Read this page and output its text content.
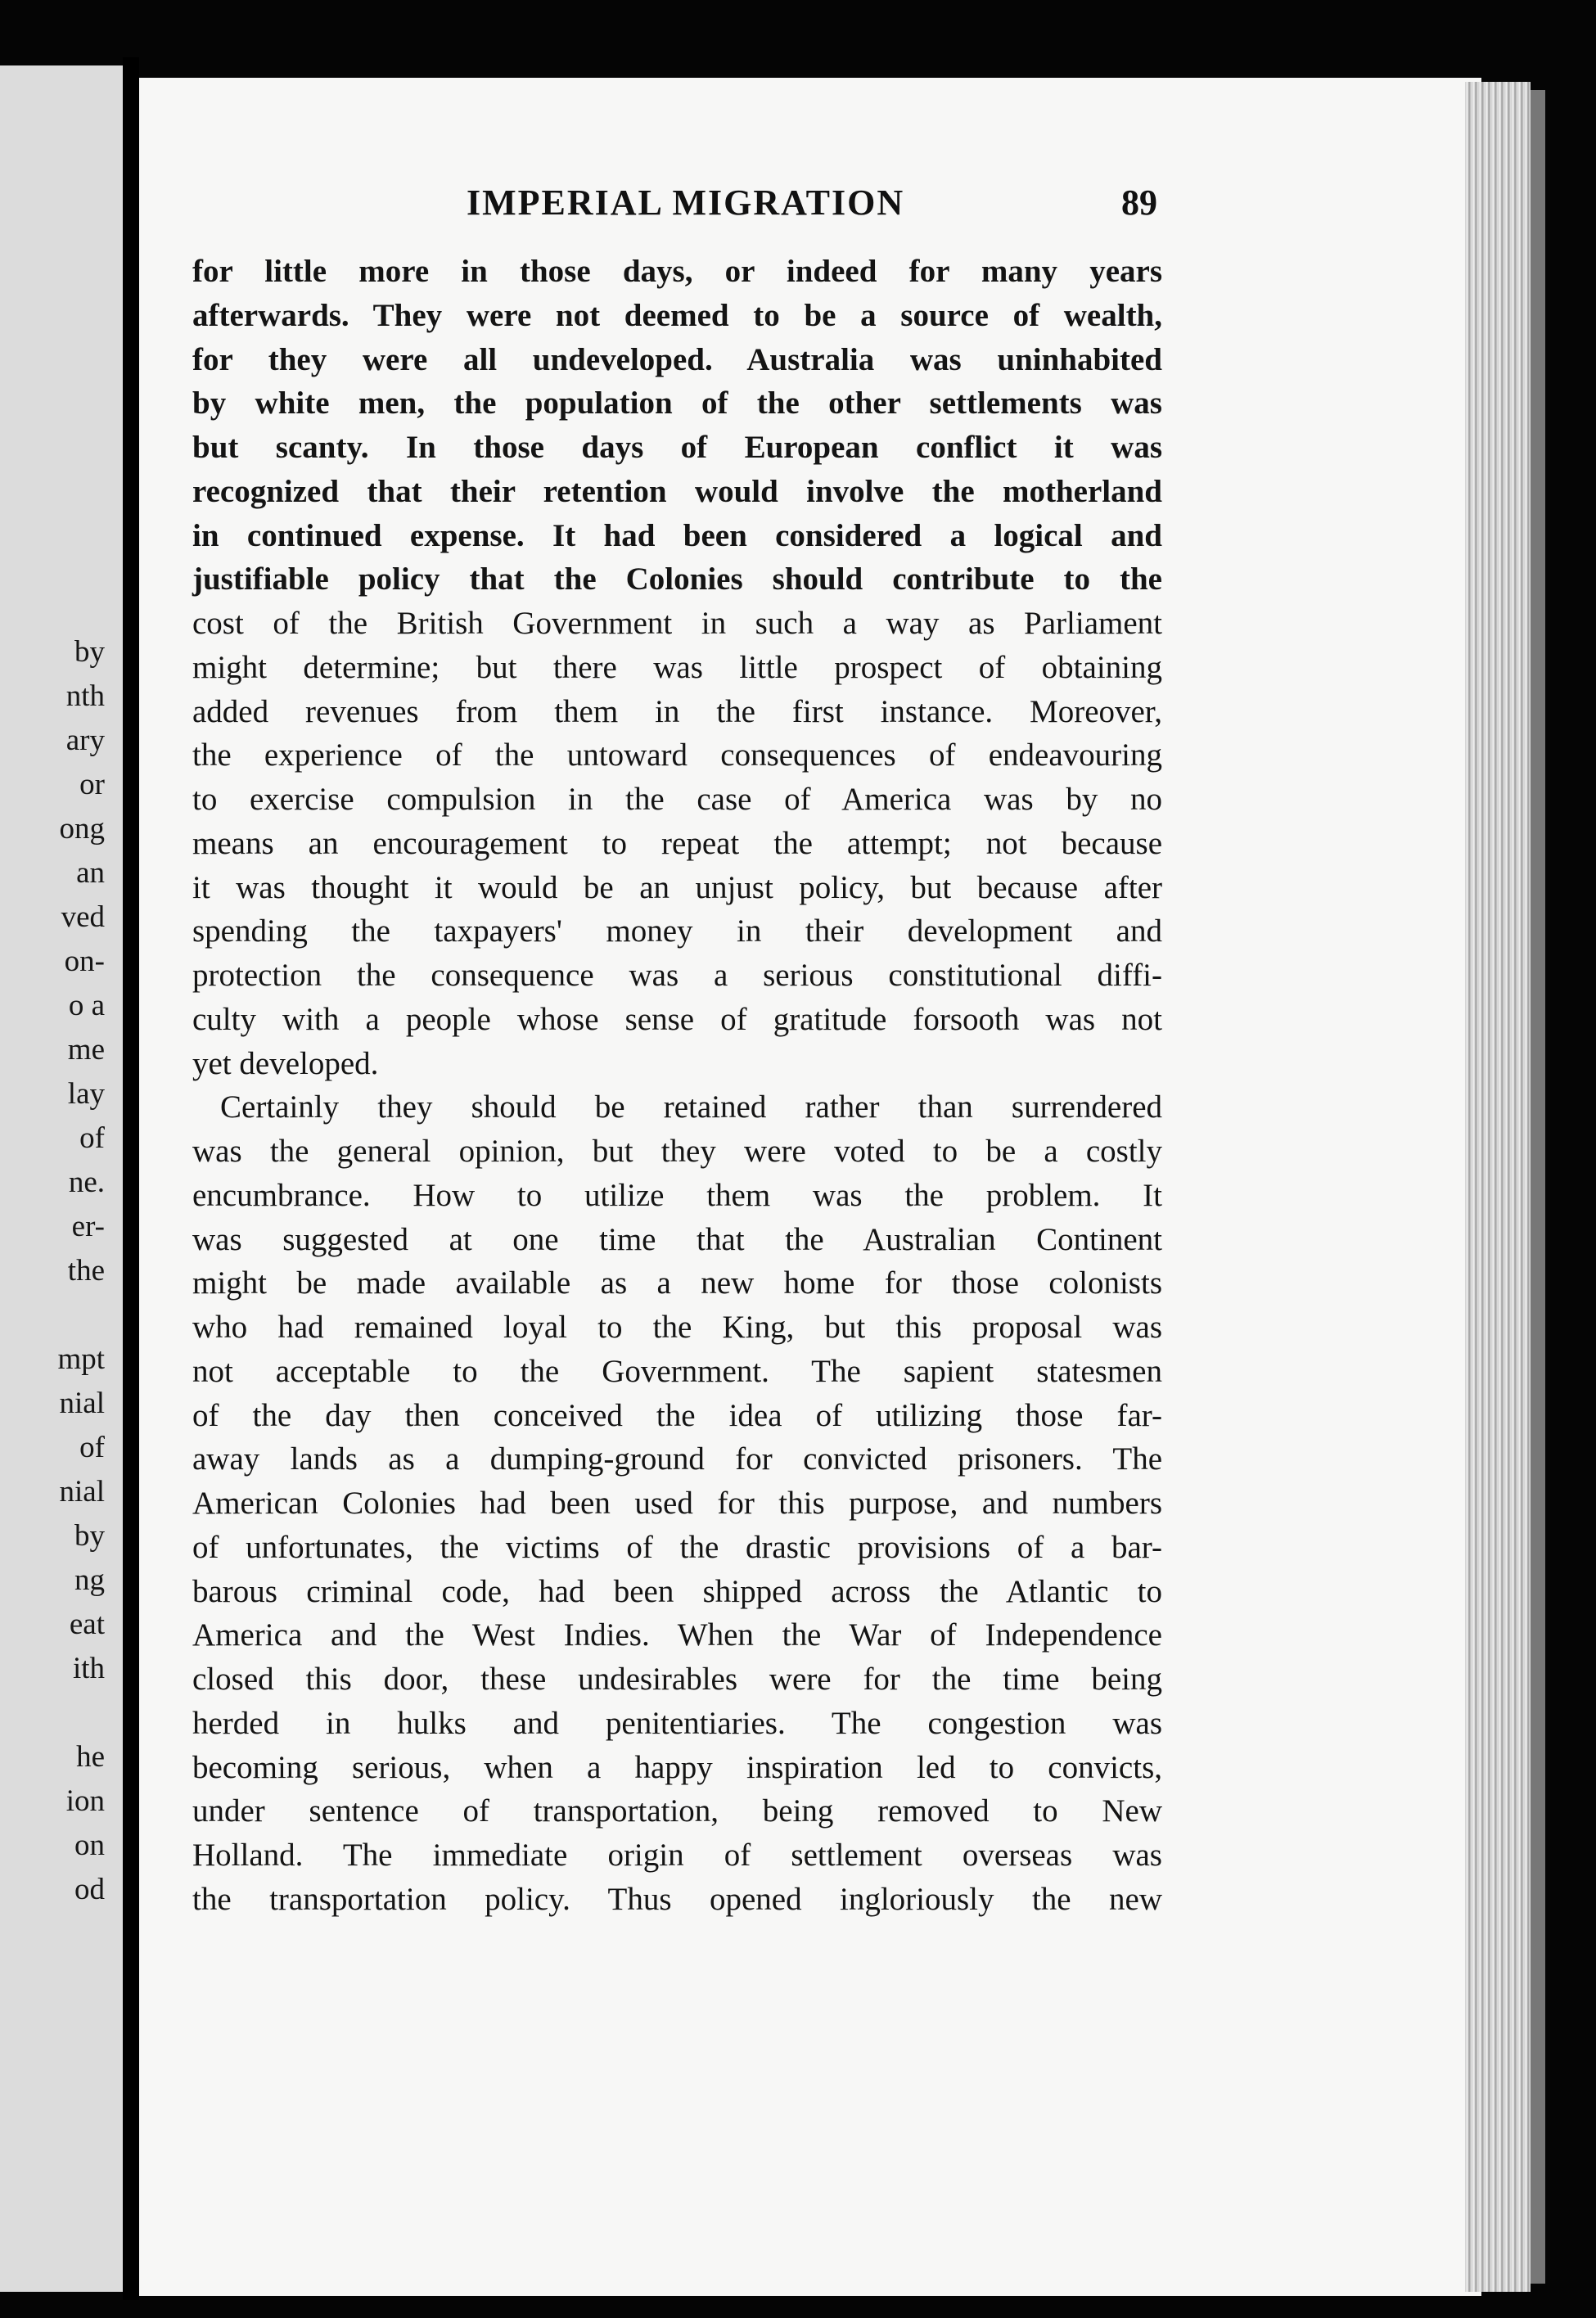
by
nth
ary
or
ong
an
ved
on-
o a
me
lay
of
ne.
er-
the
mpt
nial
of
nial
by
ng
eat
ith
he
ion
on
od
IMPERIAL MIGRATION	89
for little more in those days, or indeed for many years
afterwards. They were not deemed to be a source of wealth,
for they were all undeveloped. Australia was uninhabited
by white men, the population of the other settlements was
but scanty. In those days of European conflict it was
recognized that their retention would involve the motherland
in continued expense. It had been considered a logical and
justifiable policy that the Colonies should contribute to the
cost of the British Government in such a way as Parliament
might determine; but there was little prospect of obtaining
added revenues from them in the first instance. Moreover,
the experience of the untoward consequences of endeavouring
to exercise compulsion in the case of America was by no
means an encouragement to repeat the attempt; not because
it was thought it would be an unjust policy, but because after
spending the taxpayers' money in their development and
protection the consequence was a serious constitutional diffi-
culty with a people whose sense of gratitude forsooth was not
yet developed.
Certainly they should be retained rather than surrendered
was the general opinion, but they were voted to be a costly
encumbrance. How to utilize them was the problem. It
was suggested at one time that the Australian Continent
might be made available as a new home for those colonists
who had remained loyal to the King, but this proposal was
not acceptable to the Government. The sapient statesmen
of the day then conceived the idea of utilizing those far-
away lands as a dumping-ground for convicted prisoners. The
American Colonies had been used for this purpose, and numbers
of unfortunates, the victims of the drastic provisions of a bar-
barous criminal code, had been shipped across the Atlantic to
America and the West Indies. When the War of Independence
closed this door, these undesirables were for the time being
herded in hulks and penitentiaries. The congestion was
becoming serious, when a happy inspiration led to convicts,
under sentence of transportation, being removed to New
Holland. The immediate origin of settlement overseas was
the transportation policy. Thus opened ingloriously the new
